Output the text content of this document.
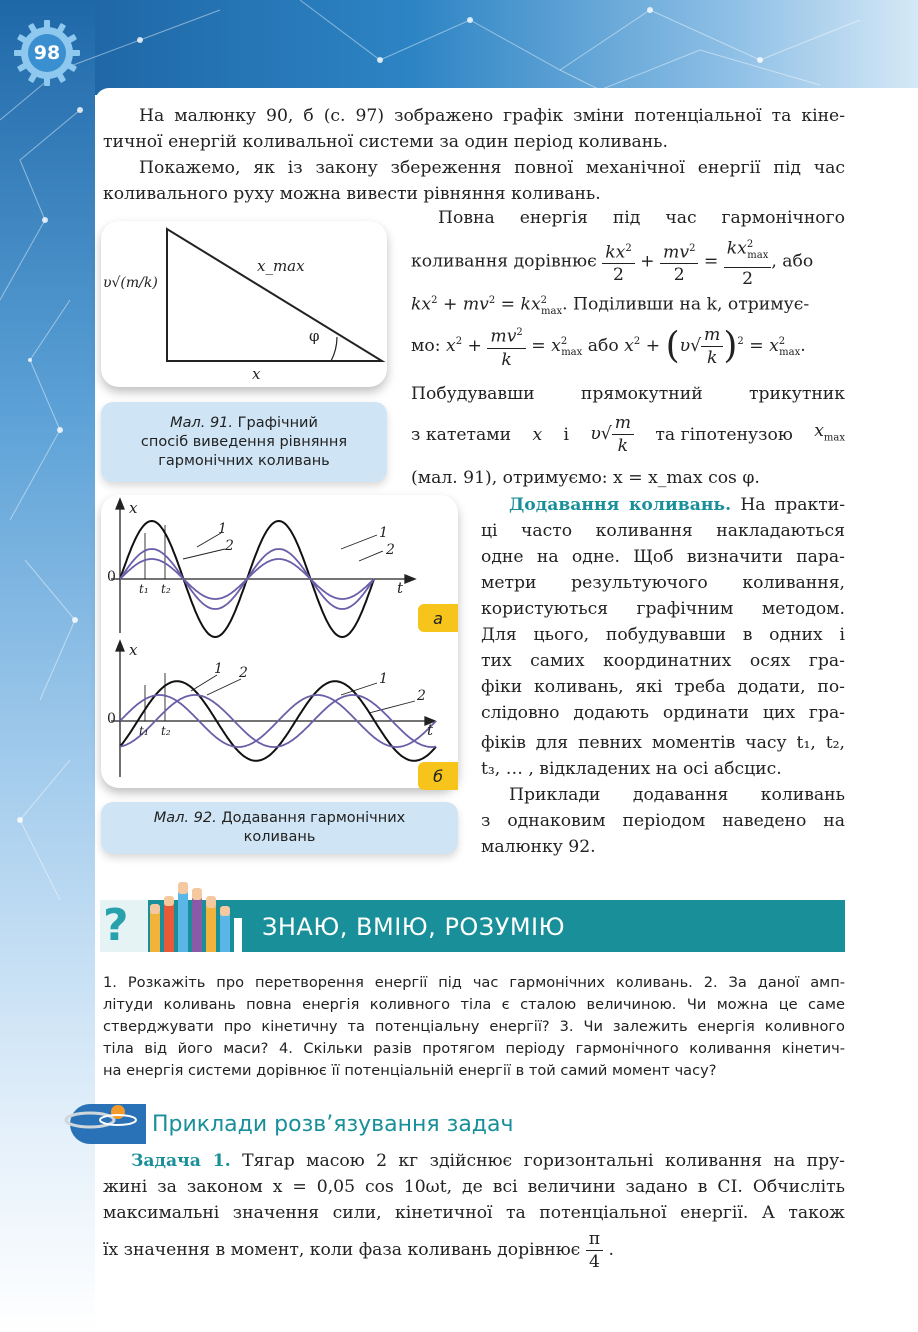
98
На малюнку 90, б (с. 97) зображено графік зміни потенціальної та кіне-
тичної енергій коливальної системи за один період коливань.
Покажемо, як із закону збереження повної механічної енергії під час
коливального руху можна вивести рівняння коливань.
Повна енергія під час гармонічного
коливання дорівнює $\frac{kx^2}{2} + \frac{mv^2}{2} = \frac{kx^2_{max}}{2}$ , або
$kx^2 + mv^2 = kx^2_{max}$. Поділивши на k, отримує-
мо: $x^2 + \frac{mv^2}{k} = x^2_{max}$ або $x^2 + (\upsilon√ \frac{m}{k} )^2 = x^2_{max}$.
Побудувавши прямокутний трикутник
з катетами x і $\upsilon√ \frac{m}{k}$ та гіпотенузою $x_{max}$
(мал. 91), отримуємо: x = x_max cos φ.
x_max
υ√(m/k)
x
φ
Мал. 91. Графічний
спосіб виведення рівняння
гармонічних коливань
x
0
t
t₁ t₂
1
2
1
2
x
0
t
t₁ t₂
1 2	1
2
а
б
Мал. 92. Додавання гармонічних
коливань
Додавання коливань. На практи-
ці часто коливання накладаються
одне на одне. Щоб визначити пара-
метри результуючого коливання,
користуються графічним методом.
Для цього, побудувавши в одних і
тих самих координатних осях гра-
фіки коливань, які треба додати, по-
слідовно додають ординати цих гра-
фіків для певних моментів часу t₁, t₂,
t₃, … , відкладених на осі абсцис.
Приклади додавання коливань
з однаковим періодом наведено на
малюнку 92.
?	ЗНАЮ, ВМІЮ, РОЗУМІЮ
1. Розкажіть про перетворення енергії під час гармонічних коливань. 2. За даної амп-
літуди коливань повна енергія коливного тіла є сталою величиною. Чи можна це саме
стверджувати про кінетичну та потенціальну енергії? 3. Чи залежить енергія коливного
тіла від його маси? 4. Скільки разів протягом періоду гармонічного коливання кінетич-
на енергія системи дорівнює її потенціальній енергії в той самий момент часу?
Приклади розв’язування задач
Задача 1. Тягар масою 2 кг здійснює горизонтальні коливання на пру-
жині за законом x = 0,05 cos 10ωt, де всі величини задано в СІ. Обчисліть
максимальні значення сили, кінетичної та потенціальної енергії. А також
їх значення в момент, коли фаза коливань дорівнює $\frac{\pi}{4}$ .
